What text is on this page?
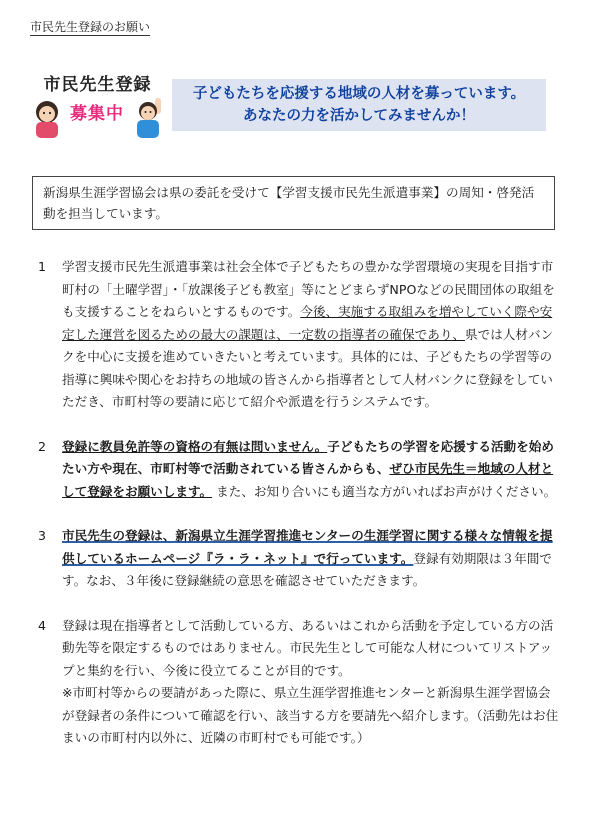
市民先生登録のお願い
市民先生登録
募集中
子どもたちを応援する地域の人材を募っています。
あなたの力を活かしてみませんか！
新潟県生涯学習協会は県の委託を受けて【学習支援市民先生派遣事業】の周知・啓発活動を担当しています。
1 学習支援市民先生派遣事業は社会全体で子どもたちの豊かな学習環境の実現を目指す市町村の「土曜学習」・「放課後子ども教室」等にとどまらずNPOなどの民間団体の取組をも支援することをねらいとするものです。今後、実施する取組みを増やしていく際や安定した運営を図るための最大の課題は、一定数の指導者の確保であり、県では人材バンクを中心に支援を進めていきたいと考えています。具体的には、子どもたちの学習等の指導に興味や関心をお持ちの地域の皆さんから指導者として人材バンクに登録をしていただき、市町村等の要請に応じて紹介や派遣を行うシステムです。
2 登録に教員免許等の資格の有無は問いません。子どもたちの学習を応援する活動を始めたい方や現在、市町村等で活動されている皆さんからも、ぜひ市民先生＝地域の人材として登録をお願いします。 また、お知り合いにも適当な方がいればお声がけください。
3 市民先生の登録は、新潟県立生涯学習推進センターの生涯学習に関する様々な情報を提供しているホームページ『ラ・ラ・ネット』で行っています。登録有効期限は３年間です。なお、３年後に登録継続の意思を確認させていただきます。
4 登録は現在指導者として活動している方、あるいはこれから活動を予定している方の活動先等を限定するものではありません。市民先生として可能な人材についてリストアップと集約を行い、今後に役立てることが目的です。
※市町村等からの要請があった際に、県立生涯学習推進センターと新潟県生涯学習協会が登録者の条件について確認を行い、該当する方を要請先へ紹介します。（活動先はお住まいの市町村内以外に、近隣の市町村でも可能です。）
